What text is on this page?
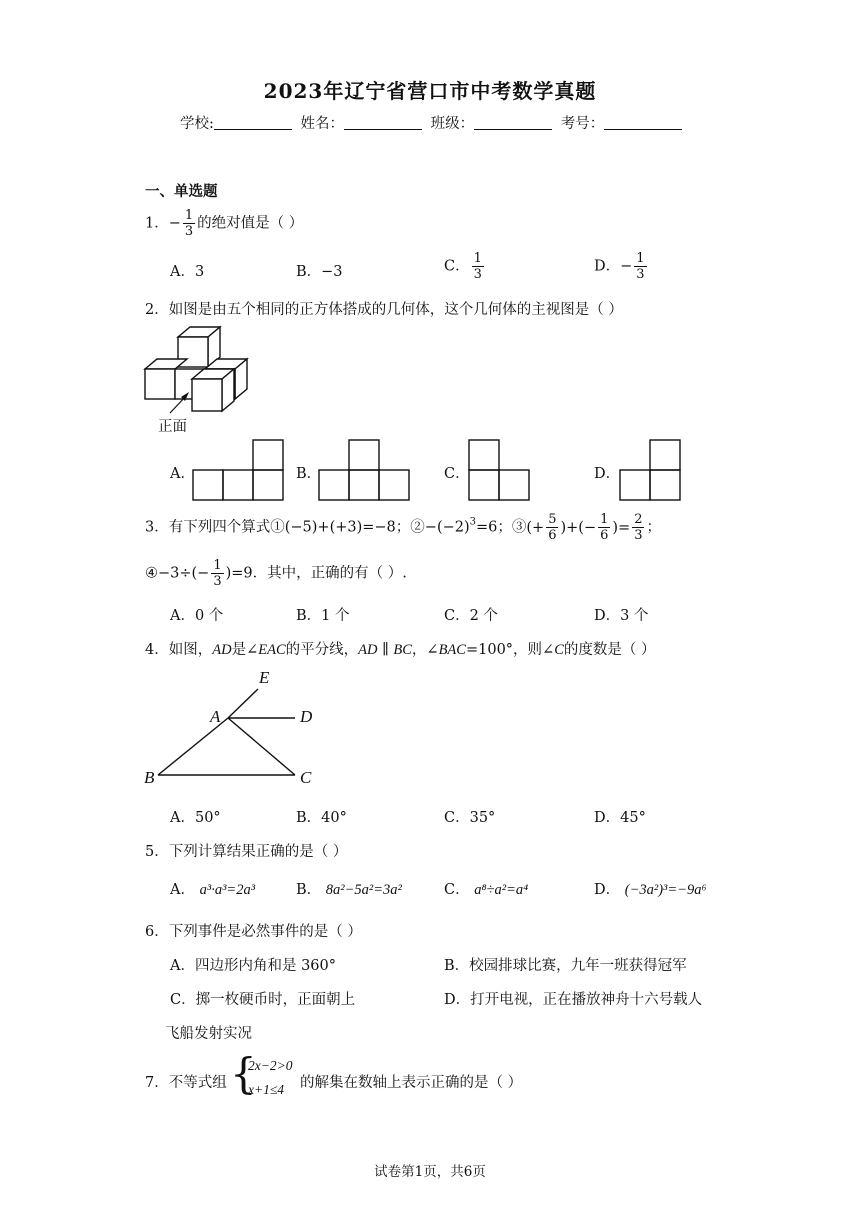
2023年辽宁省营口市中考数学真题
学校:	姓名：	班级：	考号：
一、单选题
1．− $\frac{1}{3}$ 的绝对值是（ ）
A．3	B．−3	C． $\frac{1}{3}$	D．− $\frac{1}{3}$
2．如图是由五个相同的正方体搭成的几何体，这个几何体的主视图是（ ）
正面
A．	B．	C．	D．
3．有下列四个算式①(−5)+(+3)=−8；$②-(-2)^3=6$；③(+ $\frac{5}{6}$ )+(− $\frac{1}{6}$ )= $\frac{2}{3}$ ；
④−3÷(− $\frac{1}{3} )=9$．其中，正确的有（ ）.
A．0 个	B．1 个	C．2 个	D．3 个
4．如图，AD是∠EAC的平分线，AD ∥ BC，∠BAC=100°，则∠C的度数是（ ）
E
A	D
B	C
A．50°	B．40°	C．35°	D．45°
5．下列计算结果正确的是（ ）
A． a³·a³=2a³	B． 8a²−5a²=3a²	C． a⁸÷a²=a⁴	D． (−3a²)³=−9a⁶
6．下列事件是必然事件的是（ ）
A．四边形内角和是 360°	B．校园排球比赛，九年一班获得冠军
C．掷一枚硬币时，正面朝上	D．打开电视，正在播放神舟十六号载人
飞船发射实况
7．不等式组 {
2x−2>0
x+1≤4 的解集在数轴上表示正确的是（ ）
试卷第1页，共6页
